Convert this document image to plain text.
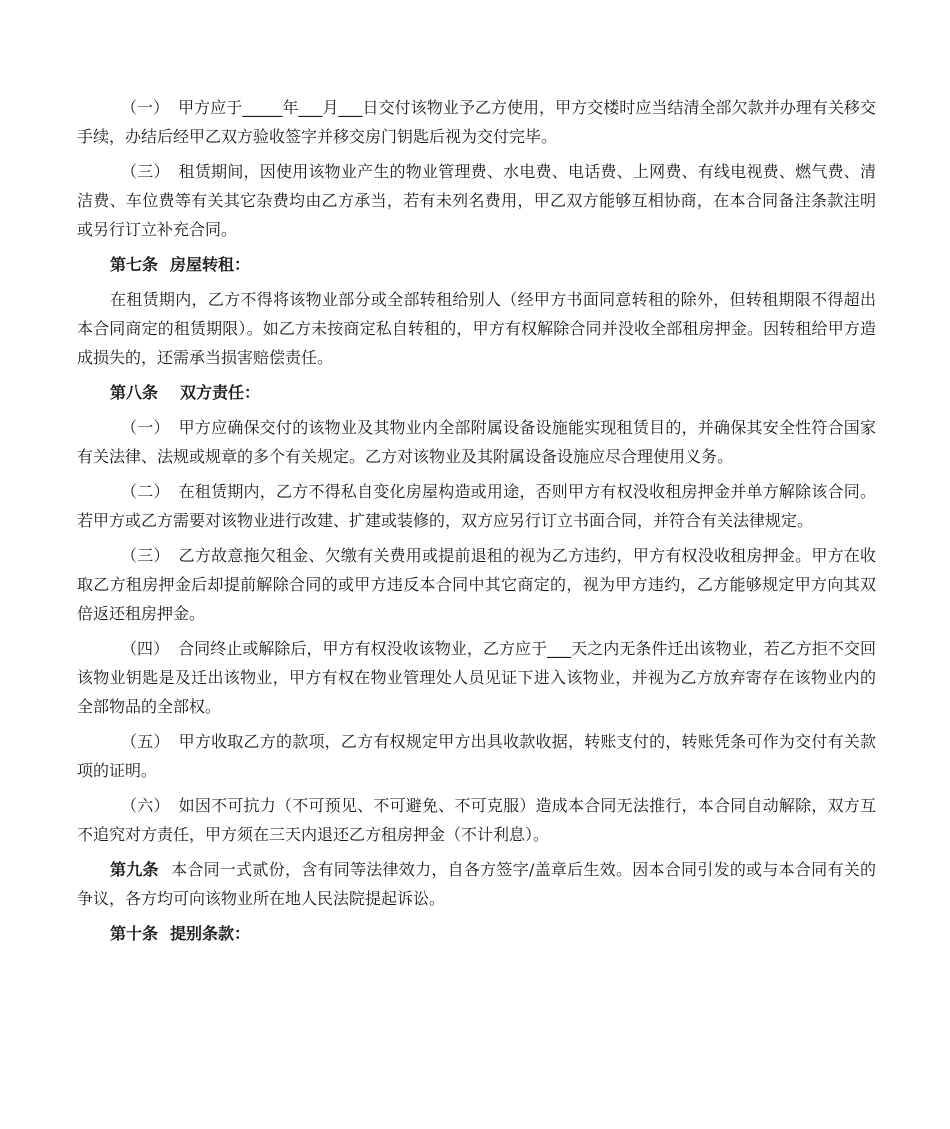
（一） 甲方应于_____年___月___日交付该物业予乙方使用，甲方交楼时应当结清全部欠款并办理有关移交手续，办结后经甲乙双方验收签字并移交房门钥匙后视为交付完毕。

（三） 租赁期间，因使用该物业产生的物业管理费、水电费、电话费、上网费、有线电视费、燃气费、清洁费、车位费等有关其它杂费均由乙方承当，若有未列名费用，甲乙双方能够互相协商，在本合同备注条款注明或另行订立补充合同。

第七条 房屋转租：

在租赁期内，乙方不得将该物业部分或全部转租给别人（经甲方书面同意转租的除外，但转租期限不得超出本合同商定的租赁期限）。如乙方未按商定私自转租的，甲方有权解除合同并没收全部租房押金。因转租给甲方造成损失的，还需承当损害赔偿责任。

第八条 双方责任：

（一） 甲方应确保交付的该物业及其物业内全部附属设备设施能实现租赁目的，并确保其安全性符合国家有关法律、法规或规章的多个有关规定。乙方对该物业及其附属设备设施应尽合理使用义务。

（二） 在租赁期内，乙方不得私自变化房屋构造或用途，否则甲方有权没收租房押金并单方解除该合同。若甲方或乙方需要对该物业进行改建、扩建或装修的，双方应另行订立书面合同，并符合有关法律规定。

（三） 乙方故意拖欠租金、欠缴有关费用或提前退租的视为乙方违约，甲方有权没收租房押金。甲方在收取乙方租房押金后却提前解除合同的或甲方违反本合同中其它商定的，视为甲方违约，乙方能够规定甲方向其双倍返还租房押金。

（四） 合同终止或解除后，甲方有权没收该物业，乙方应于___天之内无条件迁出该物业，若乙方拒不交回该物业钥匙是及迁出该物业，甲方有权在物业管理处人员见证下进入该物业，并视为乙方放弃寄存在该物业内的全部物品的全部权。

（五） 甲方收取乙方的款项，乙方有权规定甲方出具收款收据，转账支付的，转账凭条可作为交付有关款项的证明。

（六） 如因不可抗力（不可预见、不可避免、不可克服）造成本合同无法推行，本合同自动解除，双方互不追究对方责任，甲方须在三天内退还乙方租房押金（不计利息）。

第九条 本合同一式贰份，含有同等法律效力，自各方签字/盖章后生效。因本合同引发的或与本合同有关的争议，各方均可向该物业所在地人民法院提起诉讼。

第十条 提别条款：
